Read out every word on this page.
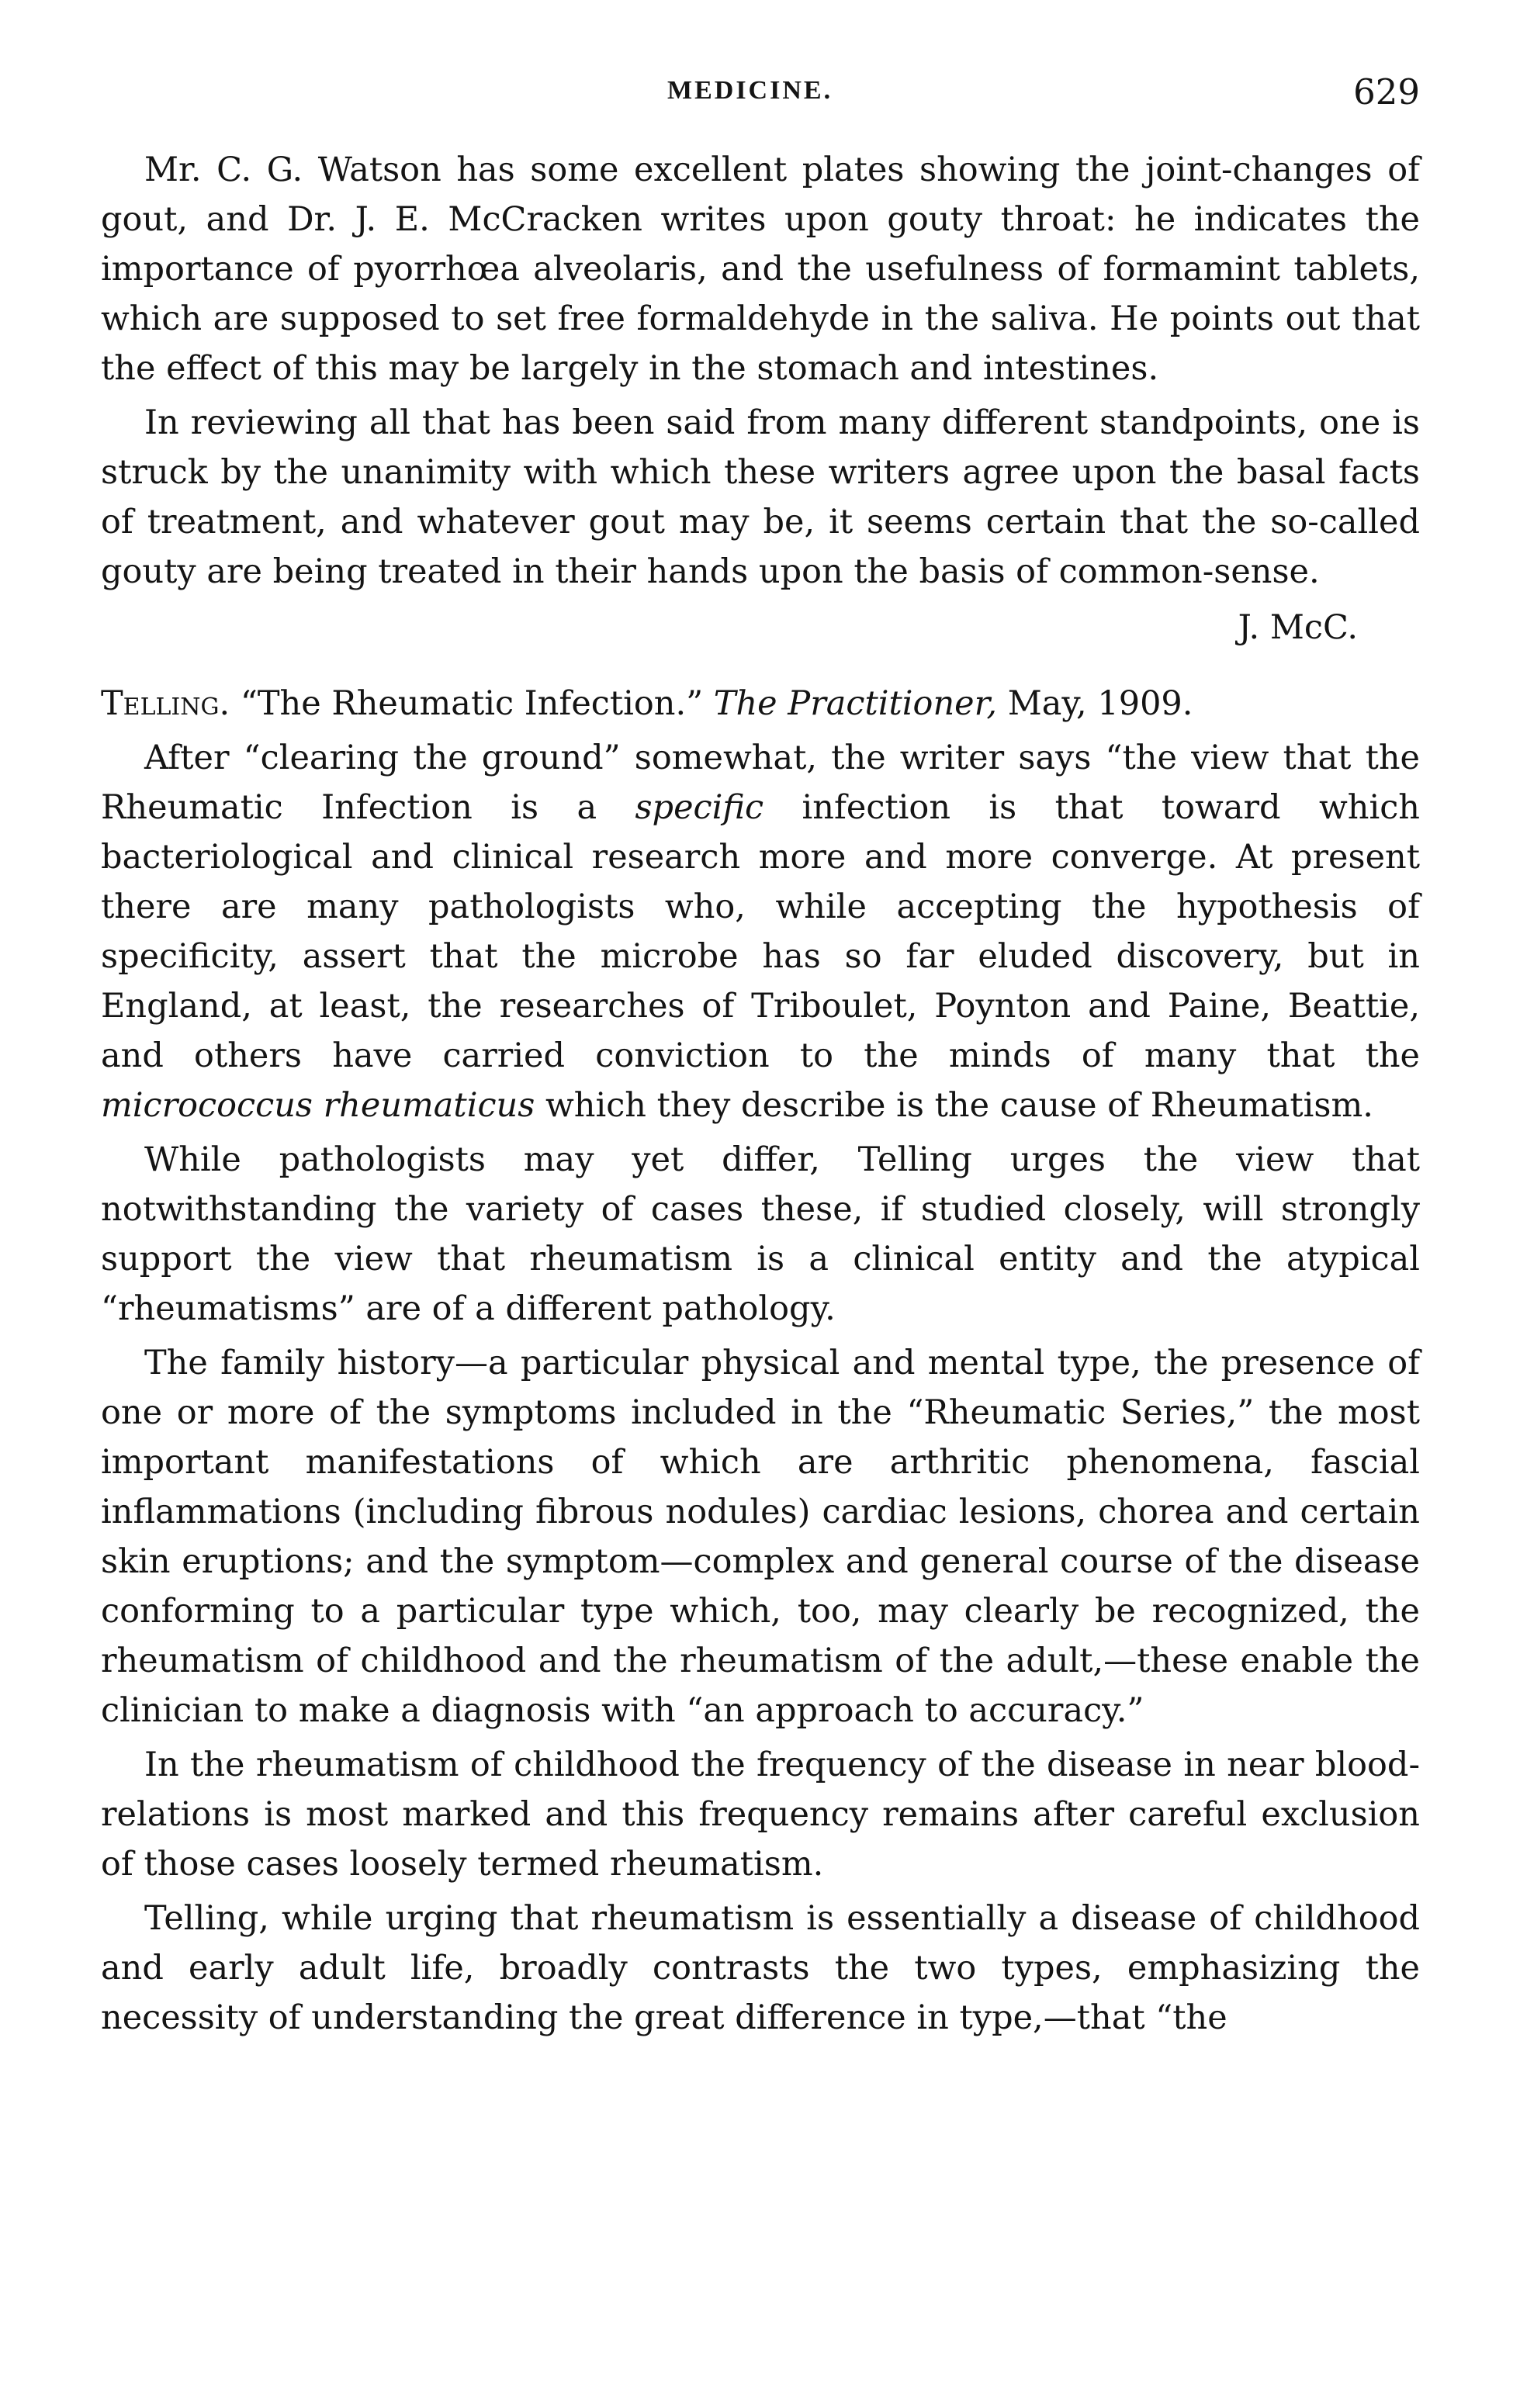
MEDICINE.	629

Mr. C. G. Watson has some excellent plates showing the joint-changes of gout, and Dr. J. E. McCracken writes upon gouty throat: he indicates the importance of pyorrhœa alveolaris, and the usefulness of formamint tablets, which are supposed to set free formaldehyde in the saliva. He points out that the effect of this may be largely in the stomach and intestines.

In reviewing all that has been said from many different standpoints, one is struck by the unanimity with which these writers agree upon the basal facts of treatment, and whatever gout may be, it seems certain that the so-called gouty are being treated in their hands upon the basis of common-sense.

J. McC.

Telling. “The Rheumatic Infection.” The Practitioner, May, 1909.

After “clearing the ground” somewhat, the writer says “the view that the Rheumatic Infection is a specific infection is that toward which bacteriological and clinical research more and more converge. At present there are many pathologists who, while accepting the hypothesis of specificity, assert that the microbe has so far eluded discovery, but in England, at least, the researches of Triboulet, Poynton and Paine, Beattie, and others have carried conviction to the minds of many that the micrococcus rheumaticus which they describe is the cause of Rheumatism.

While pathologists may yet differ, Telling urges the view that notwithstanding the variety of cases these, if studied closely, will strongly support the view that rheumatism is a clinical entity and the atypical “rheumatisms” are of a different pathology.

The family history—a particular physical and mental type, the presence of one or more of the symptoms included in the “Rheumatic Series,” the most important manifestations of which are arthritic phenomena, fascial inflammations (including fibrous nodules) cardiac lesions, chorea and certain skin eruptions; and the symptom—complex and general course of the disease conforming to a particular type which, too, may clearly be recognized, the rheumatism of childhood and the rheumatism of the adult,—these enable the clinician to make a diagnosis with “an approach to accuracy.”

In the rheumatism of childhood the frequency of the disease in near blood-relations is most marked and this frequency remains after careful exclusion of those cases loosely termed rheumatism.

Telling, while urging that rheumatism is essentially a disease of childhood and early adult life, broadly contrasts the two types, emphasizing the necessity of understanding the great difference in type,—that “the
